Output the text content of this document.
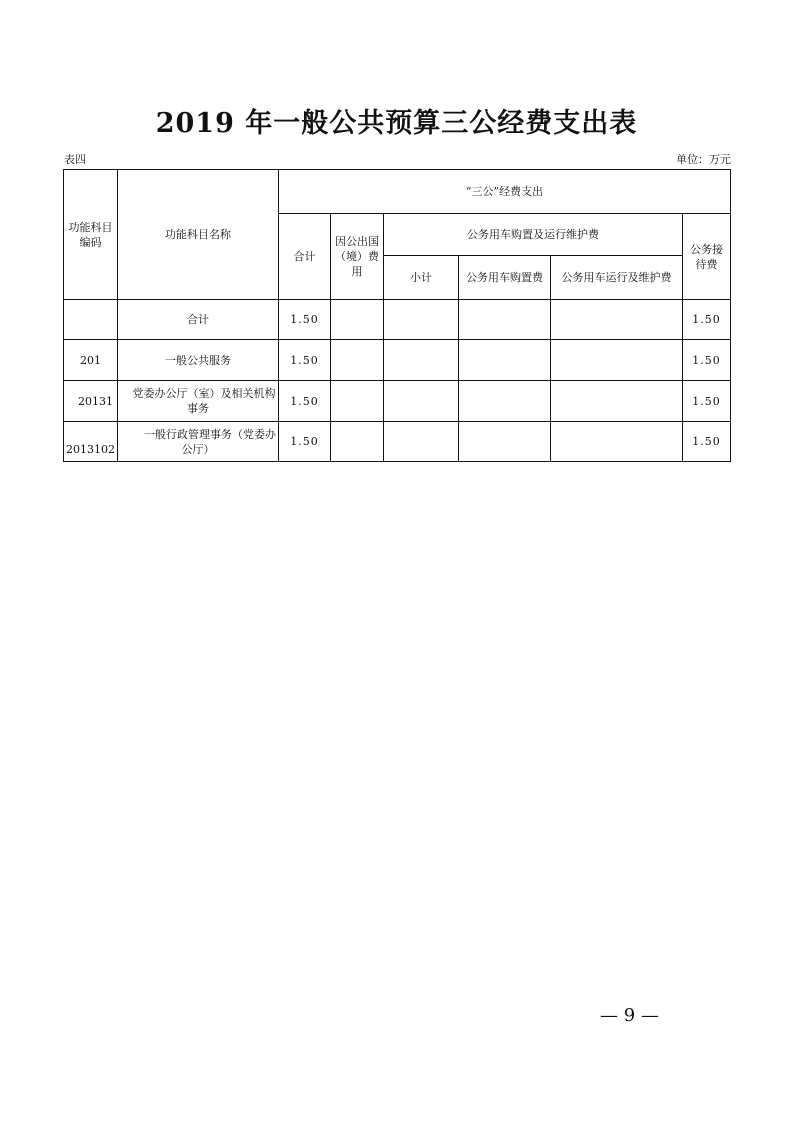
2019 年一般公共预算三公经费支出表
表四	单位：万元
功能科目编码	功能科目名称	“三公”经费支出					
		合计	因公出国（境）费用	公务用车购置及运行维护费			公务接待费
				小计	公务用车购置费	公务用车运行及维护费	
	合计	1.50					1.50
201	一般公共服务	1.50					1.50
20131	党委办公厅（室）及相关机构事务	1.50					1.50
2013102	一般行政管理事务（党委办公厅）	1.50					1.50
— 9 —
